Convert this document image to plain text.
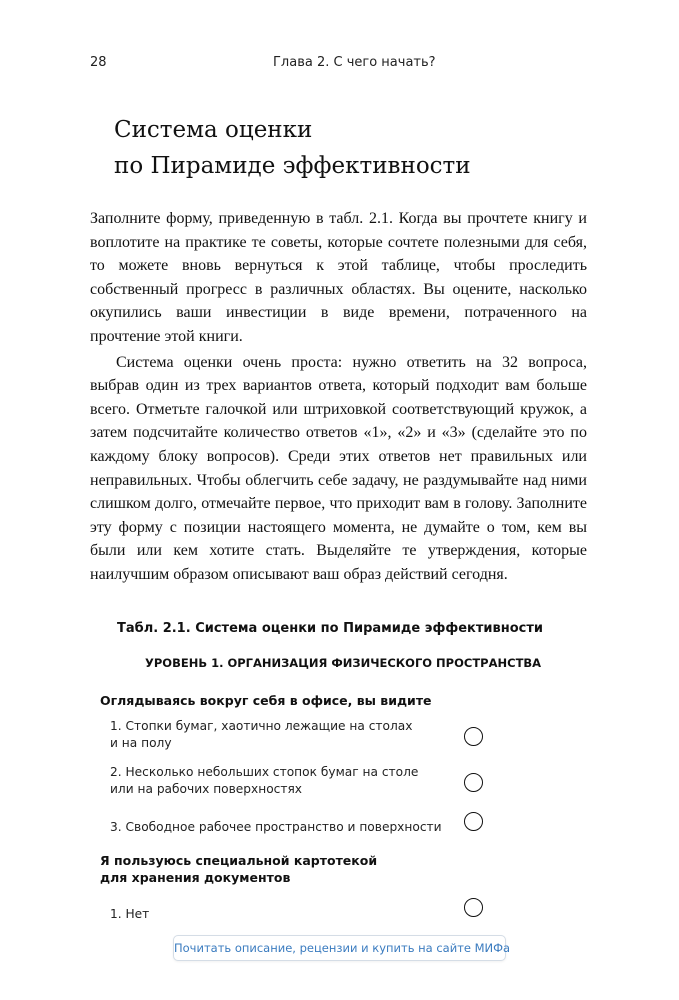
28	Глава 2. С чего начать?
Система оценки
по Пирамиде эффективности

Заполните форму, приведенную в табл. 2.1. Когда вы прочтете книгу и воплотите на практике те советы, которые сочтете полезными для себя, то можете вновь вернуться к этой таблице, чтобы проследить собственный прогресс в различных областях. Вы оцените, насколько окупились ваши инвестиции в виде времени, потраченного на прочтение этой книги.

Система оценки очень проста: нужно ответить на 32 вопроса, выбрав один из трех вариантов ответа, который подходит вам больше всего. Отметьте галочкой или штриховкой соответствующий кружок, а затем подсчитайте количество ответов «1», «2» и «3» (сделайте это по каждому блоку вопросов). Среди этих ответов нет правильных или неправильных. Чтобы облегчить себе задачу, не раздумывайте над ними слишком долго, отмечайте первое, что приходит вам в голову. Заполните эту форму с позиции настоящего момента, не думайте о том, кем вы были или кем хотите стать. Выделяйте те утверждения, которые наилучшим образом описывают ваш образ действий сегодня.

Табл. 2.1. Система оценки по Пирамиде эффективности
УРОВЕНЬ 1. ОРГАНИЗАЦИЯ ФИЗИЧЕСКОГО ПРОСТРАНСТВА
Оглядываясь вокруг себя в офисе, вы видите
1. Стопки бумаг, хаотично лежащие на столах
и на полу
2. Несколько небольших стопок бумаг на столе
или на рабочих поверхностях
3. Свободное рабочее пространство и поверхности
Я пользуюсь специальной картотекой
для хранения документов
1. Нет
Почитать описание, рецензии и купить на сайте МИФа
